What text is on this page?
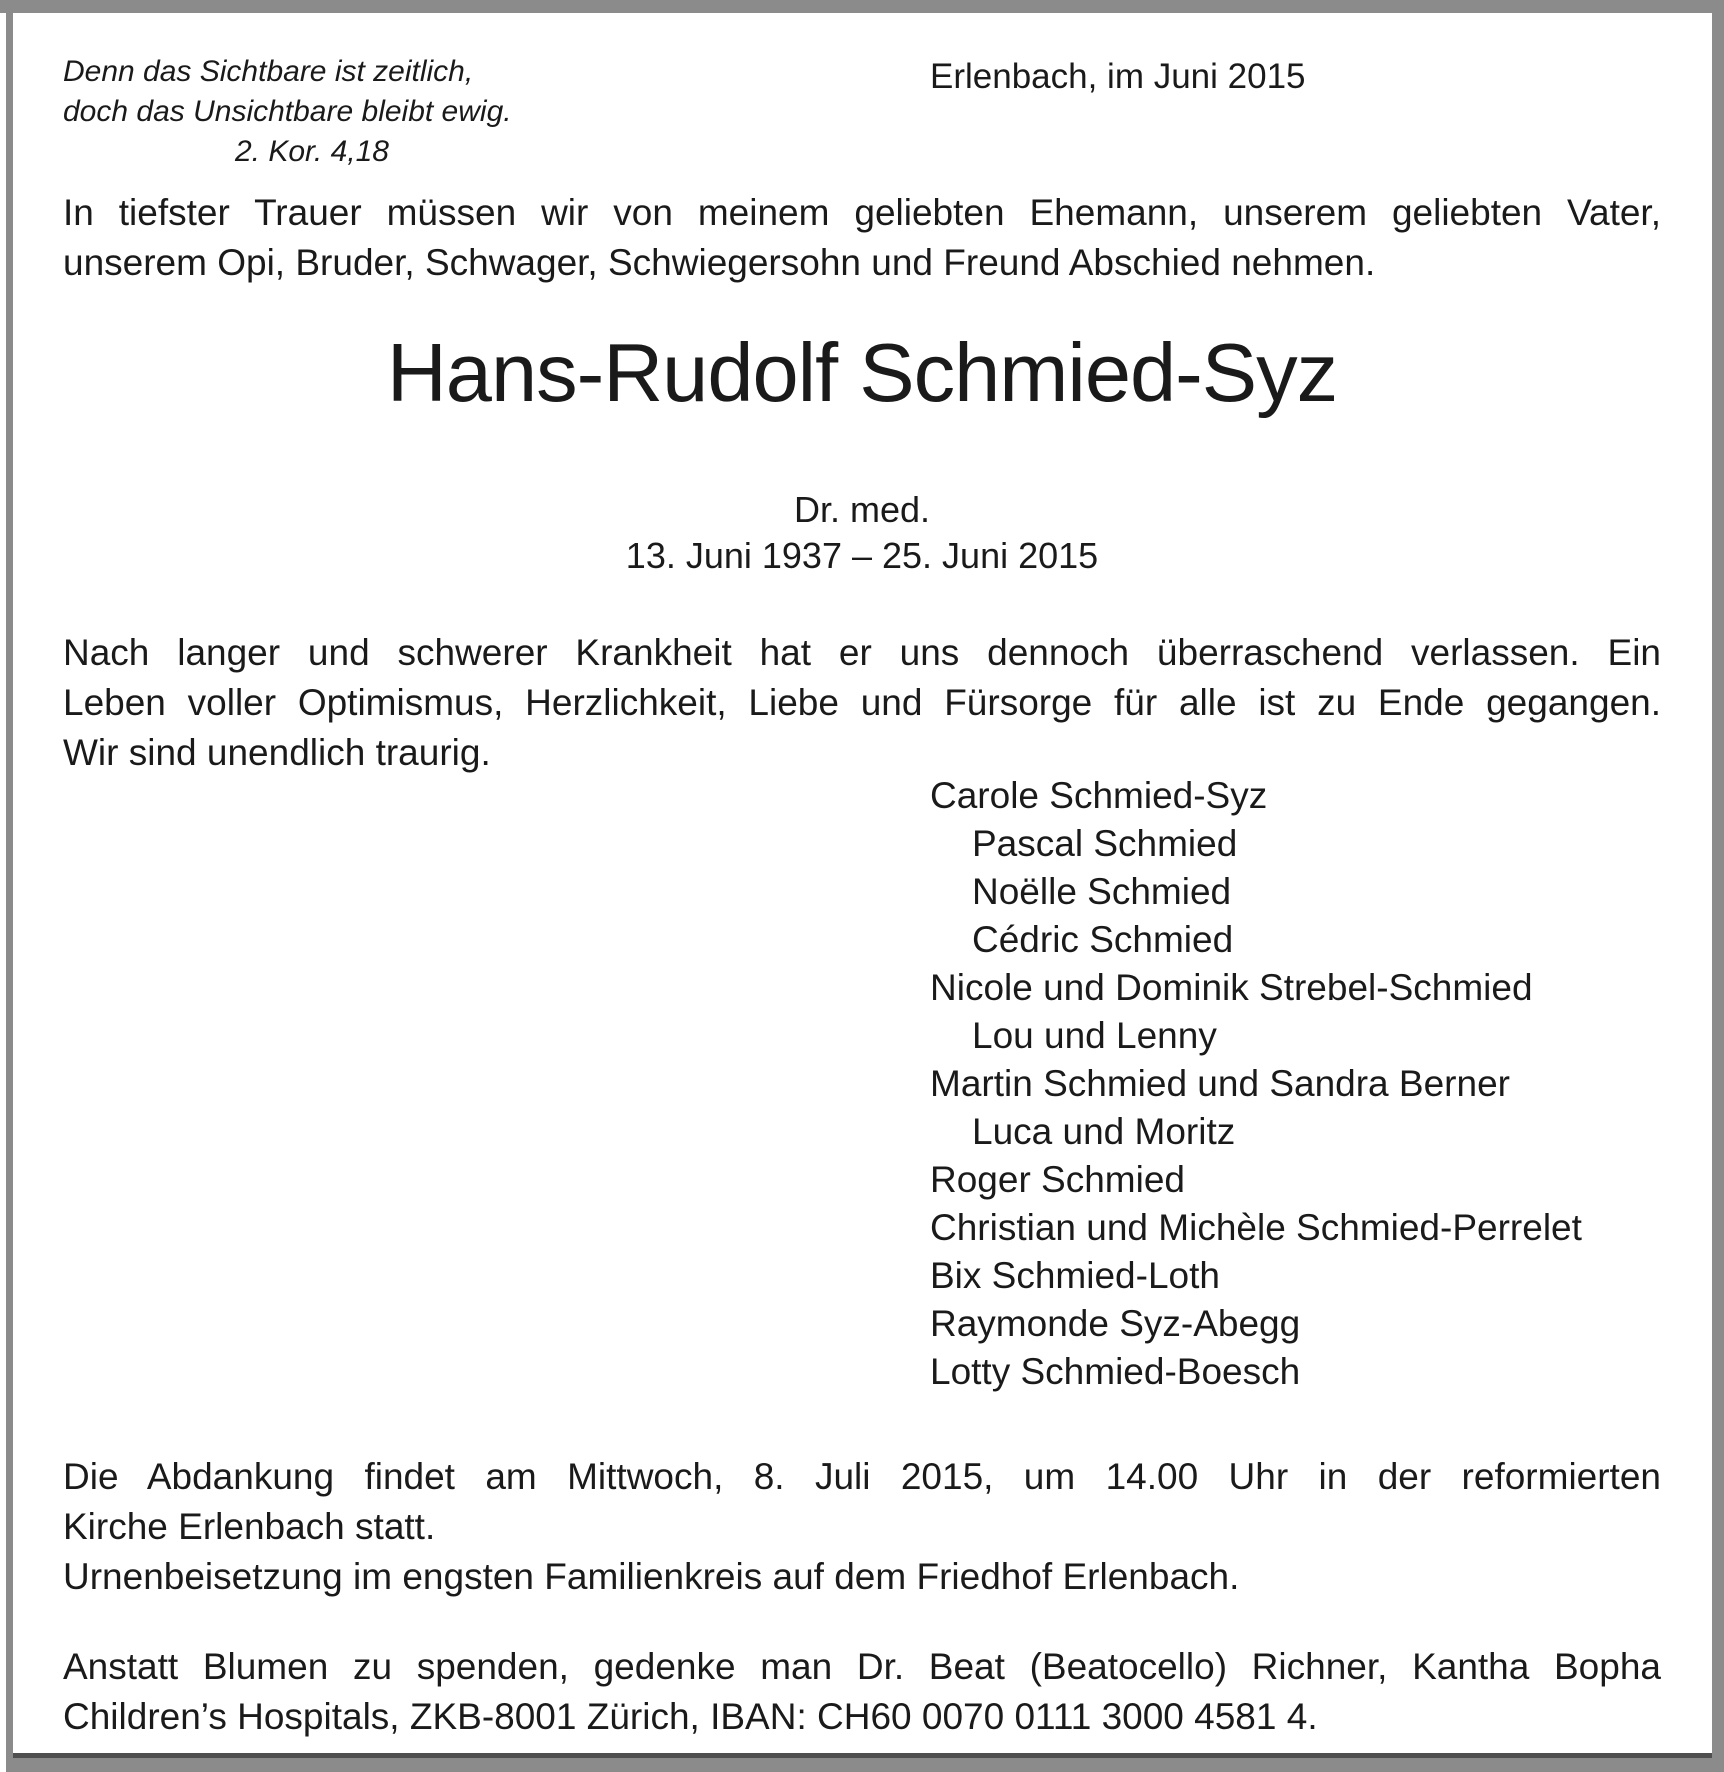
Denn das Sichtbare ist zeitlich,
doch das Unsichtbare bleibt ewig.
2. Kor. 4,18
Erlenbach, im Juni 2015
In tiefster Trauer müssen wir von meinem geliebten Ehemann, unserem geliebten Vater,
unserem Opi, Bruder, Schwager, Schwiegersohn und Freund Abschied nehmen.
Hans-Rudolf Schmied-Syz
Dr. med.
13. Juni 1937 – 25. Juni 2015
Nach langer und schwerer Krankheit hat er uns dennoch überraschend verlassen. Ein
Leben voller Optimismus, Herzlichkeit, Liebe und Fürsorge für alle ist zu Ende gegangen.
Wir sind unendlich traurig.
Carole Schmied-Syz
Pascal Schmied
Noëlle Schmied
Cédric Schmied
Nicole und Dominik Strebel-Schmied
Lou und Lenny
Martin Schmied und Sandra Berner
Luca und Moritz
Roger Schmied
Christian und Michèle Schmied-Perrelet
Bix Schmied-Loth
Raymonde Syz-Abegg
Lotty Schmied-Boesch
Die Abdankung findet am Mittwoch, 8. Juli 2015, um 14.00 Uhr in der reformierten
Kirche Erlenbach statt.
Urnenbeisetzung im engsten Familienkreis auf dem Friedhof Erlenbach.
Anstatt Blumen zu spenden, gedenke man Dr. Beat (Beatocello) Richner, Kantha Bopha
Children’s Hospitals, ZKB-8001 Zürich, IBAN: CH60 0070 0111 3000 4581 4.
